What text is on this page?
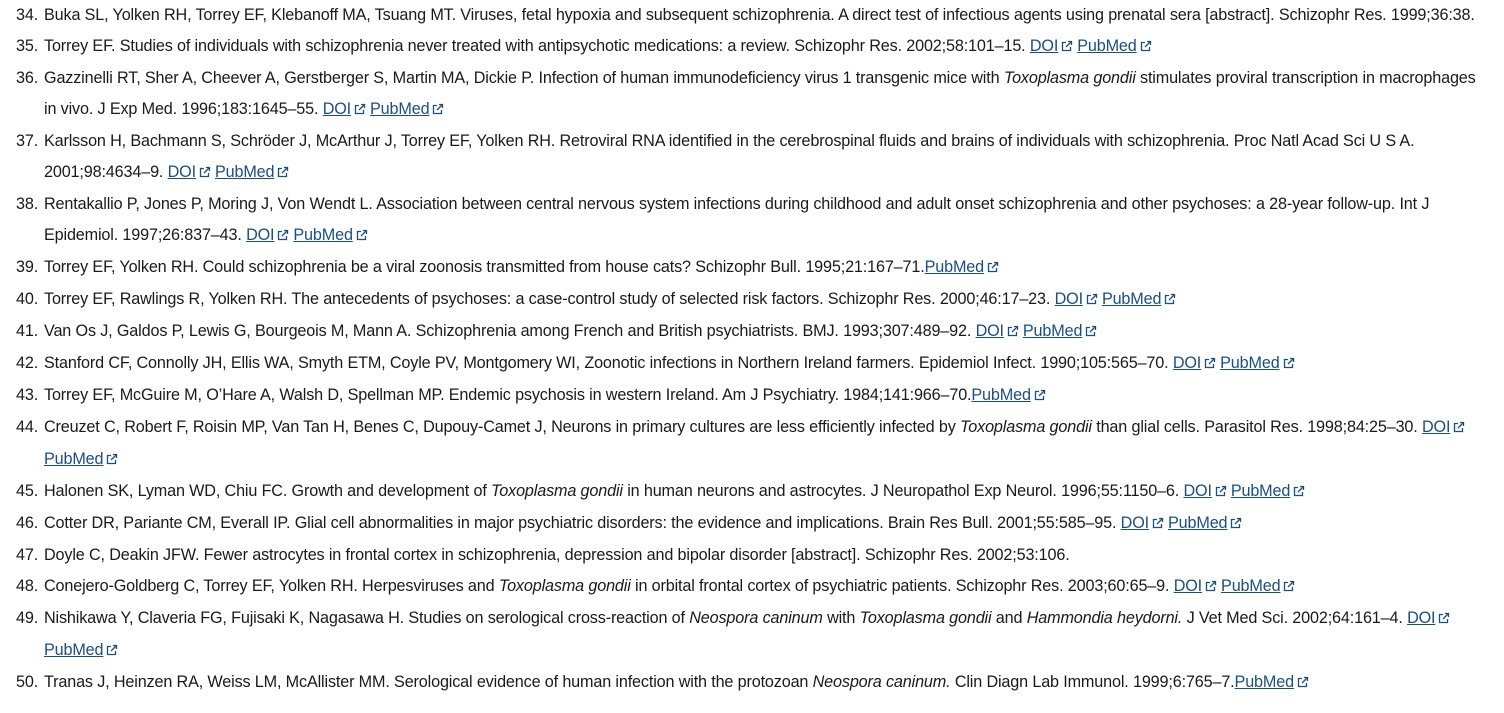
34. Buka SL, Yolken RH, Torrey EF, Klebanoff MA, Tsuang MT. Viruses, fetal hypoxia and subsequent schizophrenia. A direct test of infectious agents using prenatal sera [abstract]. Schizophr Res. 1999;36:38.
35. Torrey EF. Studies of individuals with schizophrenia never treated with antipsychotic medications: a review. Schizophr Res. 2002;58:101–15. DOI PubMed
36. Gazzinelli RT, Sher A, Cheever A, Gerstberger S, Martin MA, Dickie P. Infection of human immunodeficiency virus 1 transgenic mice with Toxoplasma gondii stimulates proviral transcription in macrophages in vivo. J Exp Med. 1996;183:1645–55. DOI PubMed
37. Karlsson H, Bachmann S, Schröder J, McArthur J, Torrey EF, Yolken RH. Retroviral RNA identified in the cerebrospinal fluids and brains of individuals with schizophrenia. Proc Natl Acad Sci U S A. 2001;98:4634–9. DOI PubMed
38. Rentakallio P, Jones P, Moring J, Von Wendt L. Association between central nervous system infections during childhood and adult onset schizophrenia and other psychoses: a 28-year follow-up. Int J Epidemiol. 1997;26:837–43. DOI PubMed
39. Torrey EF, Yolken RH. Could schizophrenia be a viral zoonosis transmitted from house cats? Schizophr Bull. 1995;21:167–71.PubMed
40. Torrey EF, Rawlings R, Yolken RH. The antecedents of psychoses: a case-control study of selected risk factors. Schizophr Res. 2000;46:17–23. DOI PubMed
41. Van Os J, Galdos P, Lewis G, Bourgeois M, Mann A. Schizophrenia among French and British psychiatrists. BMJ. 1993;307:489–92. DOI PubMed
42. Stanford CF, Connolly JH, Ellis WA, Smyth ETM, Coyle PV, Montgomery WI, Zoonotic infections in Northern Ireland farmers. Epidemiol Infect. 1990;105:565–70. DOI PubMed
43. Torrey EF, McGuire M, O’Hare A, Walsh D, Spellman MP. Endemic psychosis in western Ireland. Am J Psychiatry. 1984;141:966–70.PubMed
44. Creuzet C, Robert F, Roisin MP, Van Tan H, Benes C, Dupouy-Camet J, Neurons in primary cultures are less efficiently infected by Toxoplasma gondii than glial cells. Parasitol Res. 1998;84:25–30. DOIPubMed
45. Halonen SK, Lyman WD, Chiu FC. Growth and development of Toxoplasma gondii in human neurons and astrocytes. J Neuropathol Exp Neurol. 1996;55:1150–6. DOI PubMed
46. Cotter DR, Pariante CM, Everall IP. Glial cell abnormalities in major psychiatric disorders: the evidence and implications. Brain Res Bull. 2001;55:585–95. DOI PubMed
47. Doyle C, Deakin JFW. Fewer astrocytes in frontal cortex in schizophrenia, depression and bipolar disorder [abstract]. Schizophr Res. 2002;53:106.
48. Conejero-Goldberg C, Torrey EF, Yolken RH. Herpesviruses and Toxoplasma gondii in orbital frontal cortex of psychiatric patients. Schizophr Res. 2003;60:65–9. DOI PubMed
49. Nishikawa Y, Claveria FG, Fujisaki K, Nagasawa H. Studies on serological cross-reaction of Neospora caninum with Toxoplasma gondii and Hammondia heydorni. J Vet Med Sci. 2002;64:161–4. DOIPubMed
50. Tranas J, Heinzen RA, Weiss LM, McAllister MM. Serological evidence of human infection with the protozoan Neospora caninum. Clin Diagn Lab Immunol. 1999;6:765–7.PubMed
